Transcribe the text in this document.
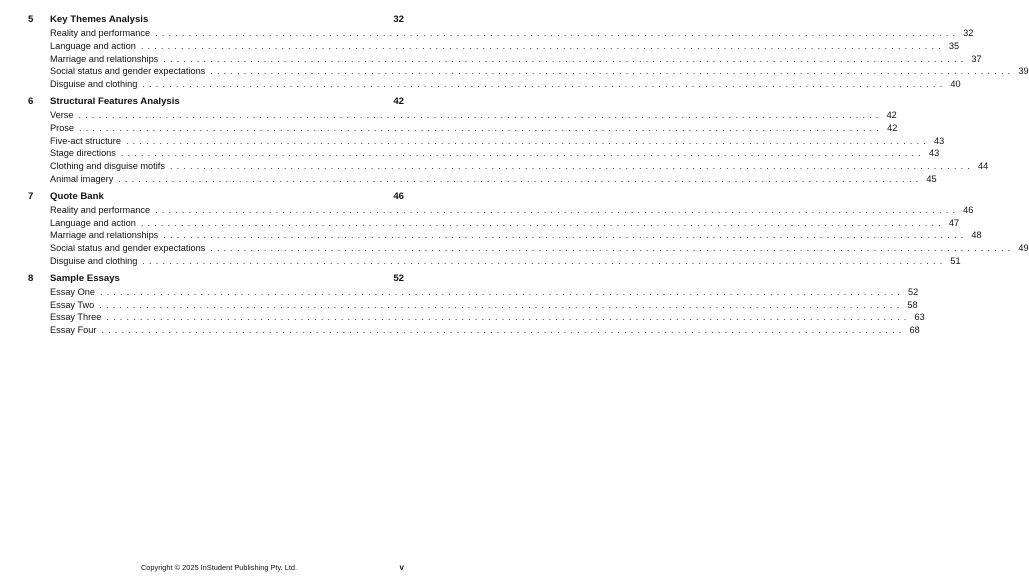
5	Key Themes Analysis	32
Reality and performance ........................................................................................................................ 32
Language and action ........................................................................................................................ 35
Marriage and relationships ........................................................................................................................ 37
Social status and gender expectations ........................................................................................................................ 39
Disguise and clothing ........................................................................................................................ 40
6	Structural Features Analysis	42
Verse ........................................................................................................................ 42
Prose ........................................................................................................................ 42
Five-act structure ........................................................................................................................ 43
Stage directions ........................................................................................................................ 43
Clothing and disguise motifs ........................................................................................................................ 44
Animal imagery ........................................................................................................................ 45
7	Quote Bank	46
Reality and performance ........................................................................................................................ 46
Language and action ........................................................................................................................ 47
Marriage and relationships ........................................................................................................................ 48
Social status and gender expectations ........................................................................................................................ 49
Disguise and clothing ........................................................................................................................ 51
8	Sample Essays	52
Essay One ........................................................................................................................ 52
Essay Two ........................................................................................................................ 58
Essay Three ........................................................................................................................ 63
Essay Four ........................................................................................................................ 68
Copyright © 2025 InStudent Publishing Pty. Ltd.	v
